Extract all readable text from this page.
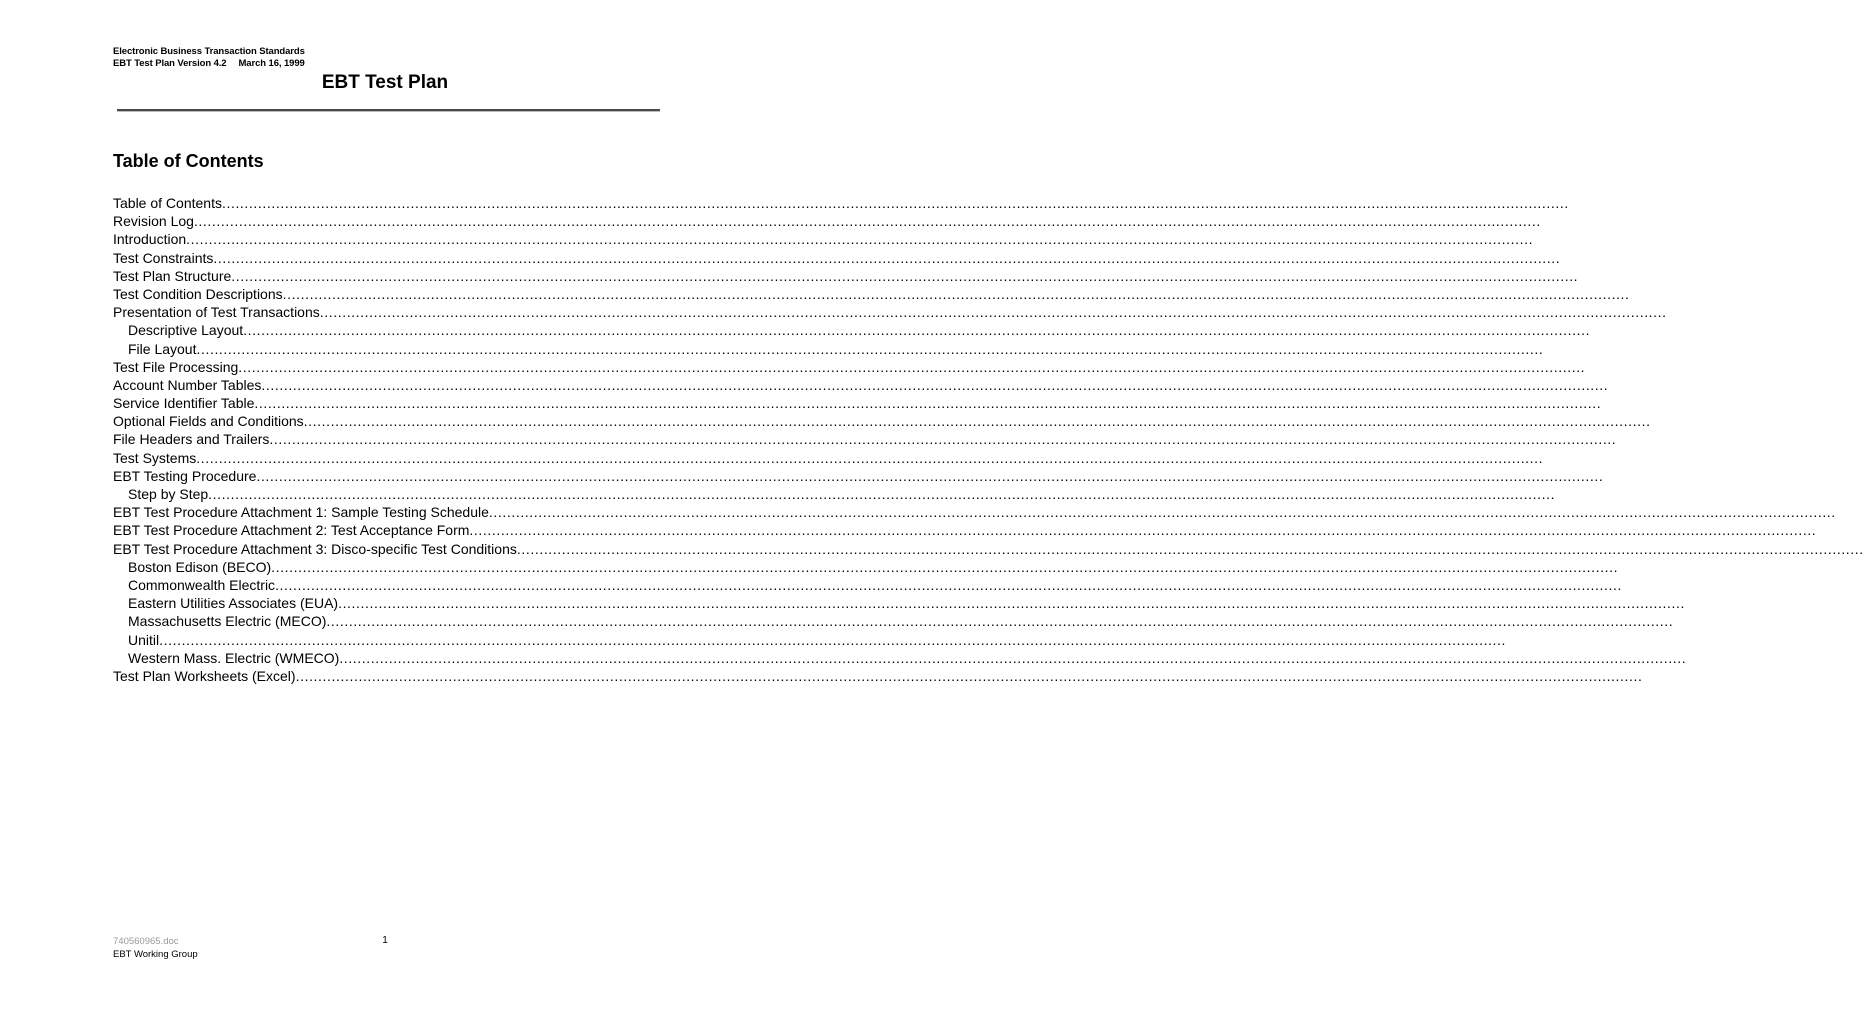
Electronic Business Transaction Standards
EBT Test Plan Version 4.2 March 16, 1999
EBT Test Plan
Table of Contents
Table of Contents ............................................................................................................................................................................................................................................................................................................
Revision Log ............................................................................................................................................................................................................................................................................................................
Introduction ............................................................................................................................................................................................................................................................................................................
Test Constraints ............................................................................................................................................................................................................................................................................................................
Test Plan Structure ............................................................................................................................................................................................................................................................................................................
Test Condition Descriptions ............................................................................................................................................................................................................................................................................................................
Presentation of Test Transactions ............................................................................................................................................................................................................................................................................................................
Descriptive Layout ............................................................................................................................................................................................................................................................................................................
File Layout ............................................................................................................................................................................................................................................................................................................
Test File Processing ............................................................................................................................................................................................................................................................................................................
Account Number Tables ............................................................................................................................................................................................................................................................................................................
Service Identifier Table ............................................................................................................................................................................................................................................................................................................
Optional Fields and Conditions ............................................................................................................................................................................................................................................................................................................
File Headers and Trailers ............................................................................................................................................................................................................................................................................................................
Test Systems ............................................................................................................................................................................................................................................................................................................
EBT Testing Procedure ............................................................................................................................................................................................................................................................................................................
Step by Step ............................................................................................................................................................................................................................................................................................................
EBT Test Procedure Attachment 1: Sample Testing Schedule ............................................................................................................................................................................................................................................................................................................
EBT Test Procedure Attachment 2: Test Acceptance Form ............................................................................................................................................................................................................................................................................................................
EBT Test Procedure Attachment 3: Disco-specific Test Conditions ............................................................................................................................................................................................................................................................................................................
Boston Edison (BECO) ............................................................................................................................................................................................................................................................................................................
Commonwealth Electric ............................................................................................................................................................................................................................................................................................................
Eastern Utilities Associates (EUA) ............................................................................................................................................................................................................................................................................................................
Massachusetts Electric (MECO) ............................................................................................................................................................................................................................................................................................................
Unitil ............................................................................................................................................................................................................................................................................................................
Western Mass. Electric (WMECO) ............................................................................................................................................................................................................................................................................................................
Test Plan Worksheets (Excel) ............................................................................................................................................................................................................................................................................................................
740560965.doc
EBT Working Group
1
